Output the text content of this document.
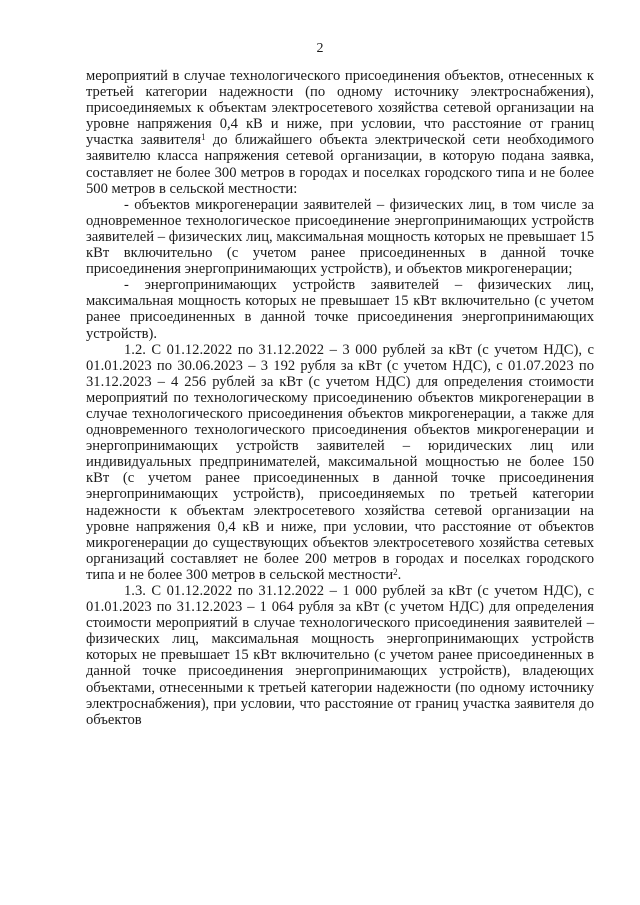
2

мероприятий в случае технологического присоединения объектов, отнесенных к третьей категории надежности (по одному источнику электроснабжения), присоединяемых к объектам электросетевого хозяйства сетевой организации на уровне напряжения 0,4 кВ и ниже, при условии, что расстояние от границ участка заявителя$^1$ до ближайшего объекта электрической сети необходимого заявителю класса напряжения сетевой организации, в которую подана заявка, составляет не более 300 метров в городах и поселках городского типа и не более 500 метров в сельской местности:

- объектов микрогенерации заявителей – физических лиц, в том числе за одновременное технологическое присоединение энергопринимающих устройств заявителей – физических лиц, максимальная мощность которых не превышает 15 кВт включительно (с учетом ранее присоединенных в данной точке присоединения энергопринимающих устройств), и объектов микрогенерации;

- энергопринимающих устройств заявителей – физических лиц, максимальная мощность которых не превышает 15 кВт включительно (с учетом ранее присоединенных в данной точке присоединения энергопринимающих устройств).

1.2. С 01.12.2022 по 31.12.2022 – 3 000 рублей за кВт (с учетом НДС), с 01.01.2023 по 30.06.2023 – 3 192 рубля за кВт (с учетом НДС), с 01.07.2023 по 31.12.2023 – 4 256 рублей за кВт (с учетом НДС) для определения стоимости мероприятий по технологическому присоединению объектов микрогенерации в случае технологического присоединения объектов микрогенерации, а также для одновременного технологического присоединения объектов микрогенерации и энергопринимающих устройств заявителей – юридических лиц или индивидуальных предпринимателей, максимальной мощностью не более 150 кВт (с учетом ранее присоединенных в данной точке присоединения энергопринимающих устройств), присоединяемых по третьей категории надежности к объектам электросетевого хозяйства сетевой организации на уровне напряжения 0,4 кВ и ниже, при условии, что расстояние от объектов микрогенерации до существующих объектов электросетевого хозяйства сетевых организаций составляет не более 200 метров в городах и поселках городского типа и не более 300 метров в сельской местности$^2$.

1.3. С 01.12.2022 по 31.12.2022 – 1 000 рублей за кВт (с учетом НДС), с 01.01.2023 по 31.12.2023 – 1 064 рубля за кВт (с учетом НДС) для определения стоимости мероприятий в случае технологического присоединения заявителей – физических лиц, максимальная мощность энергопринимающих устройств которых не превышает 15 кВт включительно (с учетом ранее присоединенных в данной точке присоединения энергопринимающих устройств), владеющих объектами, отнесенными к третьей категории надежности (по одному источнику электроснабжения), при условии, что расстояние от границ участка заявителя до объектов
